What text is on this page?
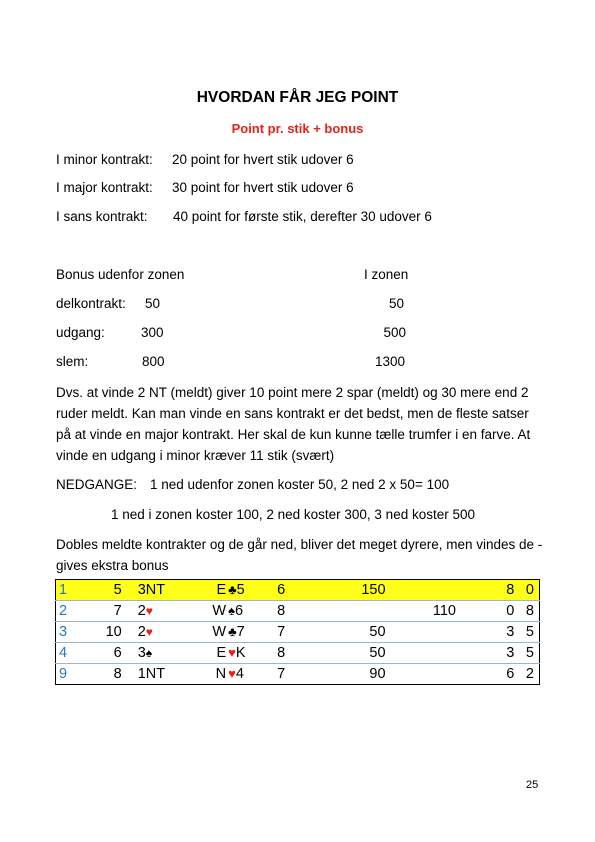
HVORDAN FÅR JEG POINT
Point pr. stik + bonus
I minor kontrakt: 20 point for hvert stik udover 6
I major kontrakt: 30 point for hvert stik udover 6
I sans kontrakt: 40 point for første stik, derefter 30 udover 6
Bonus udenfor zonen	I zonen
delkontrakt: 50	50
udgang:	300	500
slem:	800	1300
Dvs. at vinde 2 NT (meldt) giver 10 point mere 2 spar (meldt) og 30 mere end 2 ruder meldt. Kan man vinde en sans kontrakt er det bedst, men de fleste satser på at vinde en major kontrakt. Her skal de kun kunne tælle trumfer i en farve. At vinde en udgang i minor kræver 11 stik (svært)
NEDGANGE: 1 ned udenfor zonen koster 50, 2 ned 2 x 50= 100
1 ned i zonen koster 100, 2 ned koster 300, 3 ned koster 500
Dobles meldte kontrakter og de går ned, bliver det meget dyrere, men vindes de - gives ekstra bonus
1	5	3NT	E	♣5	6	150		8	0
2	7	2♥	W	♠6	8		110	0	8
3	10	2♥	W	♣7	7	50		3	5
4	6	3♠	E	♥K	8	50		3	5
9	8	1NT	N	♥4	7	90		6	2
25
